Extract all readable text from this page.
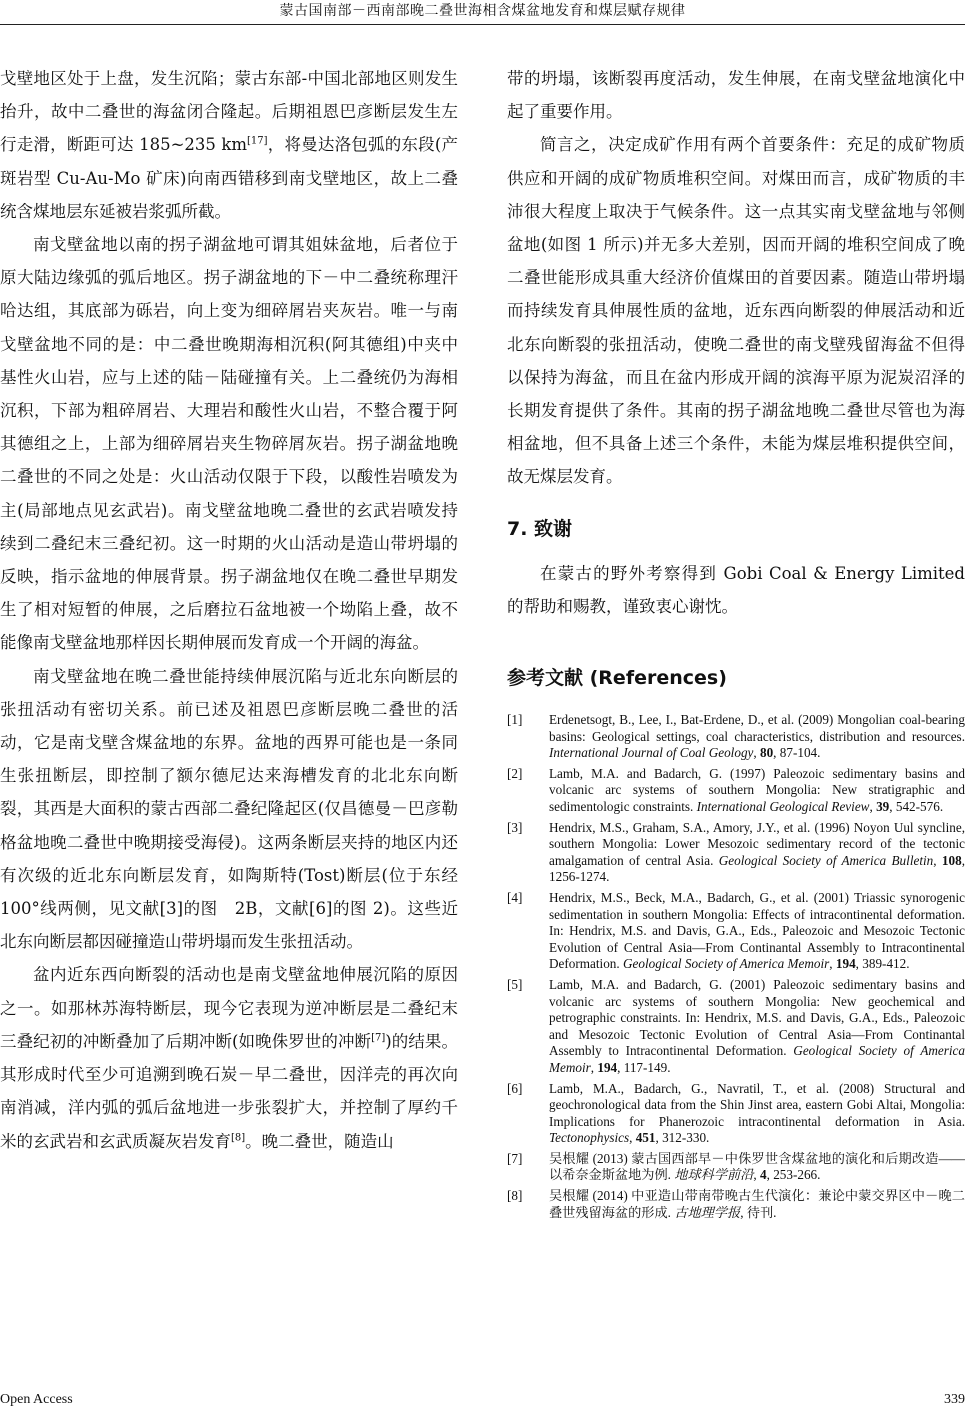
蒙古国南部－西南部晚二叠世海相含煤盆地发育和煤层赋存规律

戈壁地区处于上盘，发生沉陷；蒙古东部-中国北部地区则发生抬升，故中二叠世的海盆闭合隆起。后期祖恩巴彦断层发生左行走滑，断距可达 185~235 km[17]，将曼达洛包弧的东段(产斑岩型 Cu-Au-Mo 矿床)向南西错移到南戈壁地区，故上二叠统含煤地层东延被岩浆弧所截。

南戈壁盆地以南的拐子湖盆地可谓其姐妹盆地，后者位于原大陆边缘弧的弧后地区。拐子湖盆地的下－中二叠统称理汗哈达组，其底部为砾岩，向上变为细碎屑岩夹灰岩。唯一与南戈壁盆地不同的是：中二叠世晚期海相沉积(阿其德组)中夹中基性火山岩，应与上述的陆－陆碰撞有关。上二叠统仍为海相沉积，下部为粗碎屑岩、大理岩和酸性火山岩，不整合覆于阿其德组之上，上部为细碎屑岩夹生物碎屑灰岩。拐子湖盆地晚二叠世的不同之处是：火山活动仅限于下段，以酸性岩喷发为主(局部地点见玄武岩)。南戈壁盆地晚二叠世的玄武岩喷发持续到二叠纪末三叠纪初。这一时期的火山活动是造山带坍塌的反映，指示盆地的伸展背景。拐子湖盆地仅在晚二叠世早期发生了相对短暂的伸展，之后磨拉石盆地被一个坳陷上叠，故不能像南戈壁盆地那样因长期伸展而发育成一个开阔的海盆。

南戈壁盆地在晚二叠世能持续伸展沉陷与近北东向断层的张扭活动有密切关系。前已述及祖恩巴彦断层晚二叠世的活动，它是南戈壁含煤盆地的东界。盆地的西界可能也是一条同生张扭断层，即控制了额尔德尼达来海槽发育的北北东向断裂，其西是大面积的蒙古西部二叠纪隆起区(仅昌德曼－巴彦勒格盆地晚二叠世中晚期接受海侵)。这两条断层夹持的地区内还有次级的近北东向断层发育，如陶斯特(Tost)断层(位于东经　100°线两侧，见文献[3]的图　2B，文献[6]的图 2)。这些近北东向断层都因碰撞造山带坍塌而发生张扭活动。

盆内近东西向断裂的活动也是南戈壁盆地伸展沉陷的原因之一。如那林苏海特断层，现今它表现为逆冲断层是二叠纪末三叠纪初的冲断叠加了后期冲断(如晚侏罗世的冲断[7])的结果。其形成时代至少可追溯到晚石炭－早二叠世，因洋壳的再次向南消减，洋内弧的弧后盆地进一步张裂扩大，并控制了厚约千米的玄武岩和玄武质凝灰岩发育[8]。晚二叠世，随造山

带的坍塌，该断裂再度活动，发生伸展，在南戈壁盆地演化中起了重要作用。

简言之，决定成矿作用有两个首要条件：充足的成矿物质供应和开阔的成矿物质堆积空间。对煤田而言，成矿物质的丰沛很大程度上取决于气候条件。这一点其实南戈壁盆地与邻侧盆地(如图 1 所示)并无多大差别，因而开阔的堆积空间成了晚二叠世能形成具重大经济价值煤田的首要因素。随造山带坍塌而持续发育具伸展性质的盆地，近东西向断裂的伸展活动和近北东向断裂的张扭活动，使晚二叠世的南戈壁残留海盆不但得以保持为海盆，而且在盆内形成开阔的滨海平原为泥炭沼泽的长期发育提供了条件。其南的拐子湖盆地晚二叠世尽管也为海相盆地，但不具备上述三个条件，未能为煤层堆积提供空间，故无煤层发育。

7. 致谢

在蒙古的野外考察得到 Gobi Coal & Energy Limited 的帮助和赐教，谨致衷心谢忱。

参考文献 (References)
[1]	Erdenetsogt, B., Lee, I., Bat-Erdene, D., et al. (2009) Mongolian coal-bearing basins: Geological settings, coal characteristics, distribution and resources. International Journal of Coal Geology, 80, 87-104.
[2]	Lamb, M.A. and Badarch, G. (1997) Paleozoic sedimentary basins and volcanic arc systems of southern Mongolia: New stratigraphic and sedimentologic constraints. International Geological Review, 39, 542-576.
[3]	Hendrix, M.S., Graham, S.A., Amory, J.Y., et al. (1996) Noyon Uul syncline, southern Mongolia: Lower Mesozoic sedimentary record of the tectonic amalgamation of central Asia. Geological Society of America Bulletin, 108, 1256-1274.
[4]	Hendrix, M.S., Beck, M.A., Badarch, G., et al. (2001) Triassic synorogenic sedimentation in southern Mongolia: Effects of intracontinental deformation. In: Hendrix, M.S. and Davis, G.A., Eds., Paleozoic and Mesozoic Tectonic Evolution of Central Asia—From Continantal Assembly to Intracontinental Deformation. Geological Society of America Memoir, 194, 389-412.
[5]	Lamb, M.A. and Badarch, G. (2001) Paleozoic sedimentary basins and volcanic arc systems of southern Mongolia: New geochemical and petrographic constraints. In: Hendrix, M.S. and Davis, G.A., Eds., Paleozoic and Mesozoic Tectonic Evolution of Central Asia—From Continantal Assembly to Intracontinental Deformation. Geological Society of America Memoir, 194, 117-149.
[6]	Lamb, M.A., Badarch, G., Navratil, T., et al. (2008) Structural and geochronological data from the Shin Jinst area, eastern Gobi Altai, Mongolia: Implications for Phanerozoic intracontinental deformation in Asia. Tectonophysics, 451, 312-330.
[7]	吴根耀 (2013) 蒙古国西部早－中侏罗世含煤盆地的演化和后期改造——以希奈金斯盆地为例. 地球科学前沿, 4, 253-266.
[8]	吴根耀 (2014) 中亚造山带南带晚古生代演化：兼论中蒙交界区中－晚二叠世残留海盆的形成. 古地理学报, 待刊.
Open Access	339
